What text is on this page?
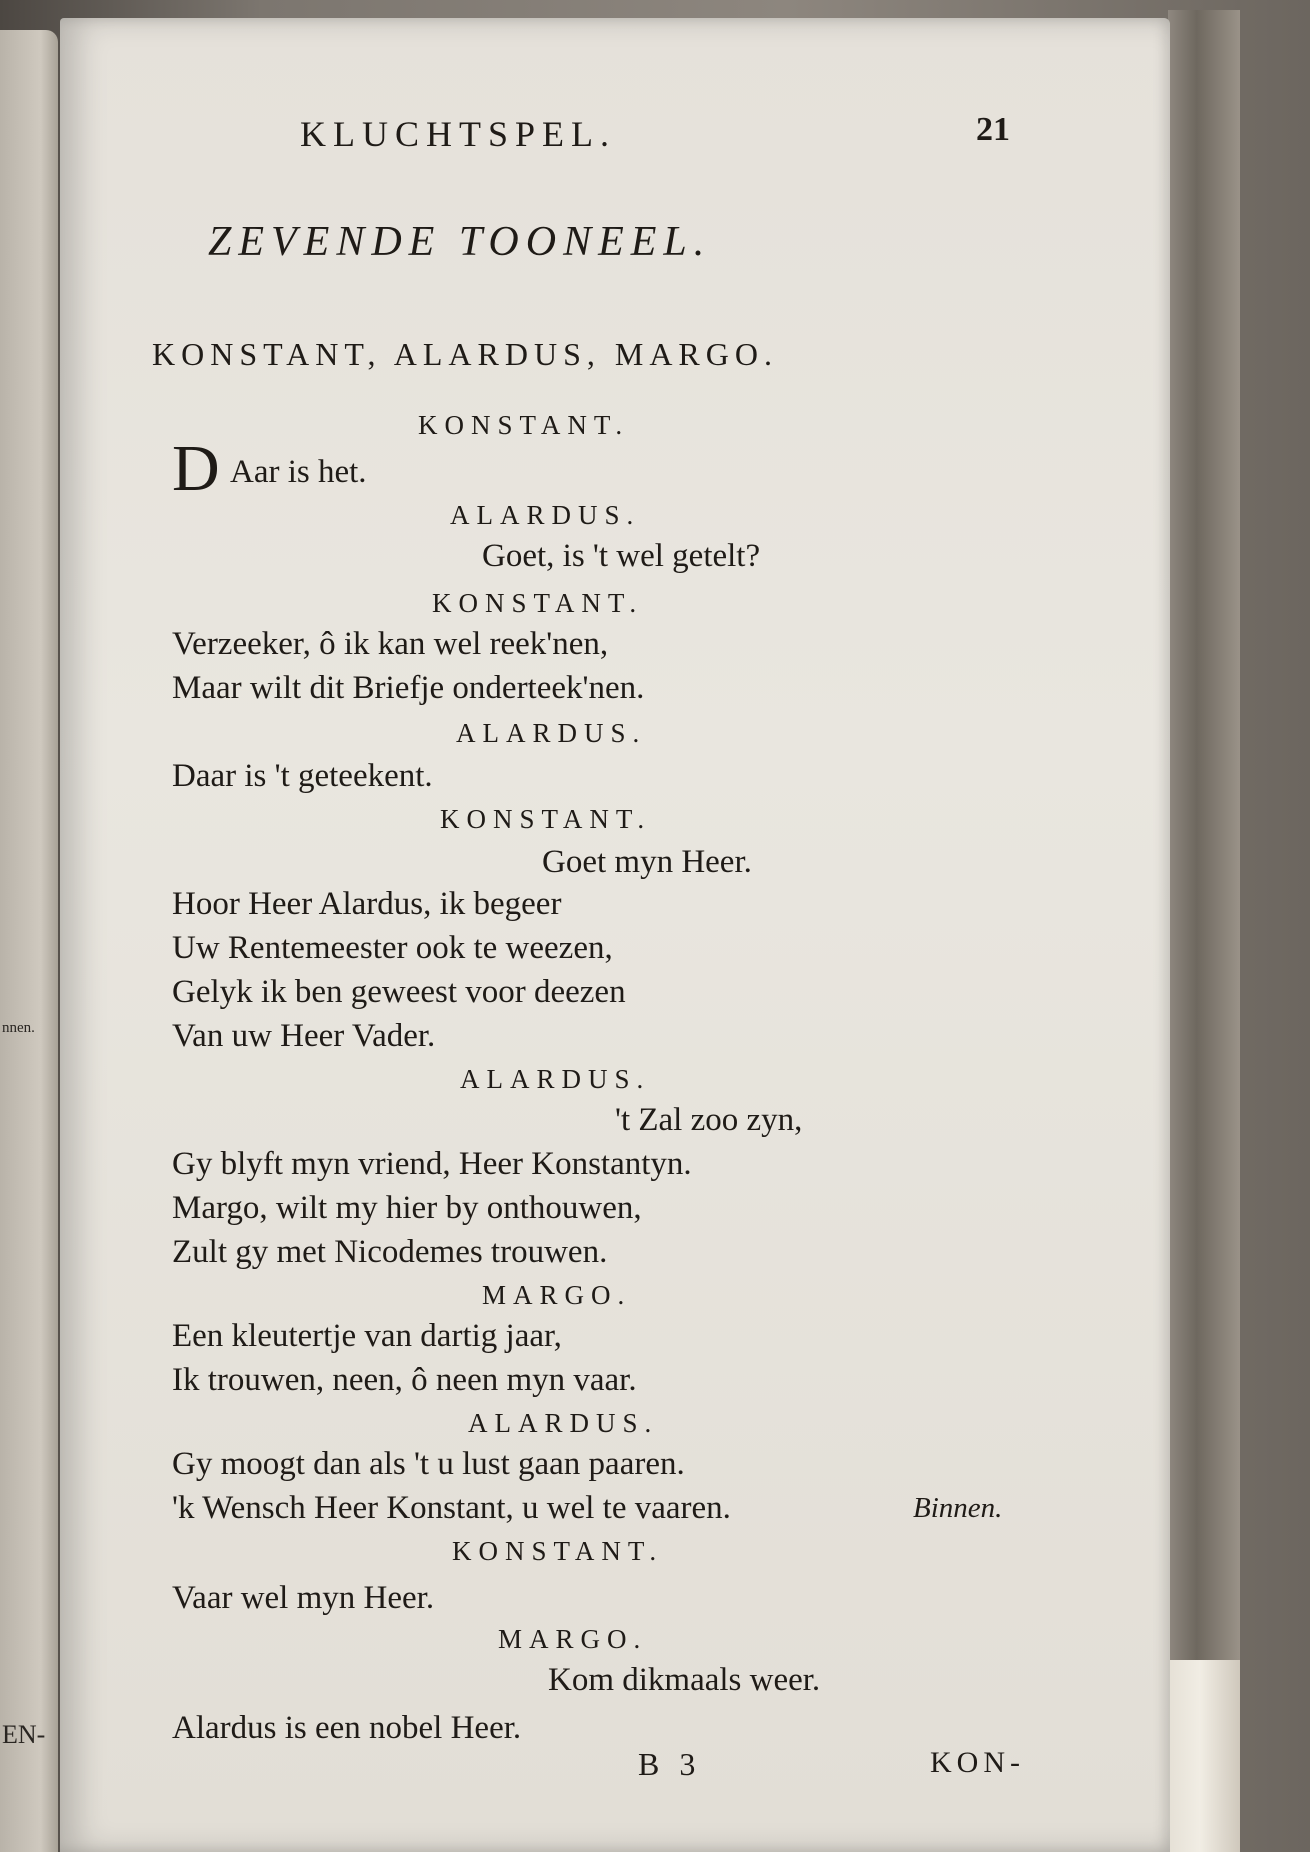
nnen.
EN-
KLUCHTSPEL.	21
ZEVENDE TOONEEL.
KONSTANT, ALARDUS, MARGO.
KONSTANT.
D Aar is het.
ALARDUS.
Goet, is 't wel getelt?
KONSTANT.
Verzeeker, ô ik kan wel reek'nen,
Maar wilt dit Briefje onderteek'nen.
ALARDUS.
Daar is 't geteekent.
KONSTANT.
Goet myn Heer.
Hoor Heer Alardus, ik begeer
Uw Rentemeester ook te weezen,
Gelyk ik ben geweest voor deezen
Van uw Heer Vader.
ALARDUS.
't Zal zoo zyn,
Gy blyft myn vriend, Heer Konstantyn.
Margo, wilt my hier by onthouwen,
Zult gy met Nicodemes trouwen.
MARGO.
Een kleutertje van dartig jaar,
Ik trouwen, neen, ô neen myn vaar.
ALARDUS.
Gy moogt dan als 't u lust gaan paaren.
'k Wensch Heer Konstant, u wel te vaaren.	Binnen.
KONSTANT.
Vaar wel myn Heer.
MARGO.
Kom dikmaals weer.
Alardus is een nobel Heer.
B 3	KON-
